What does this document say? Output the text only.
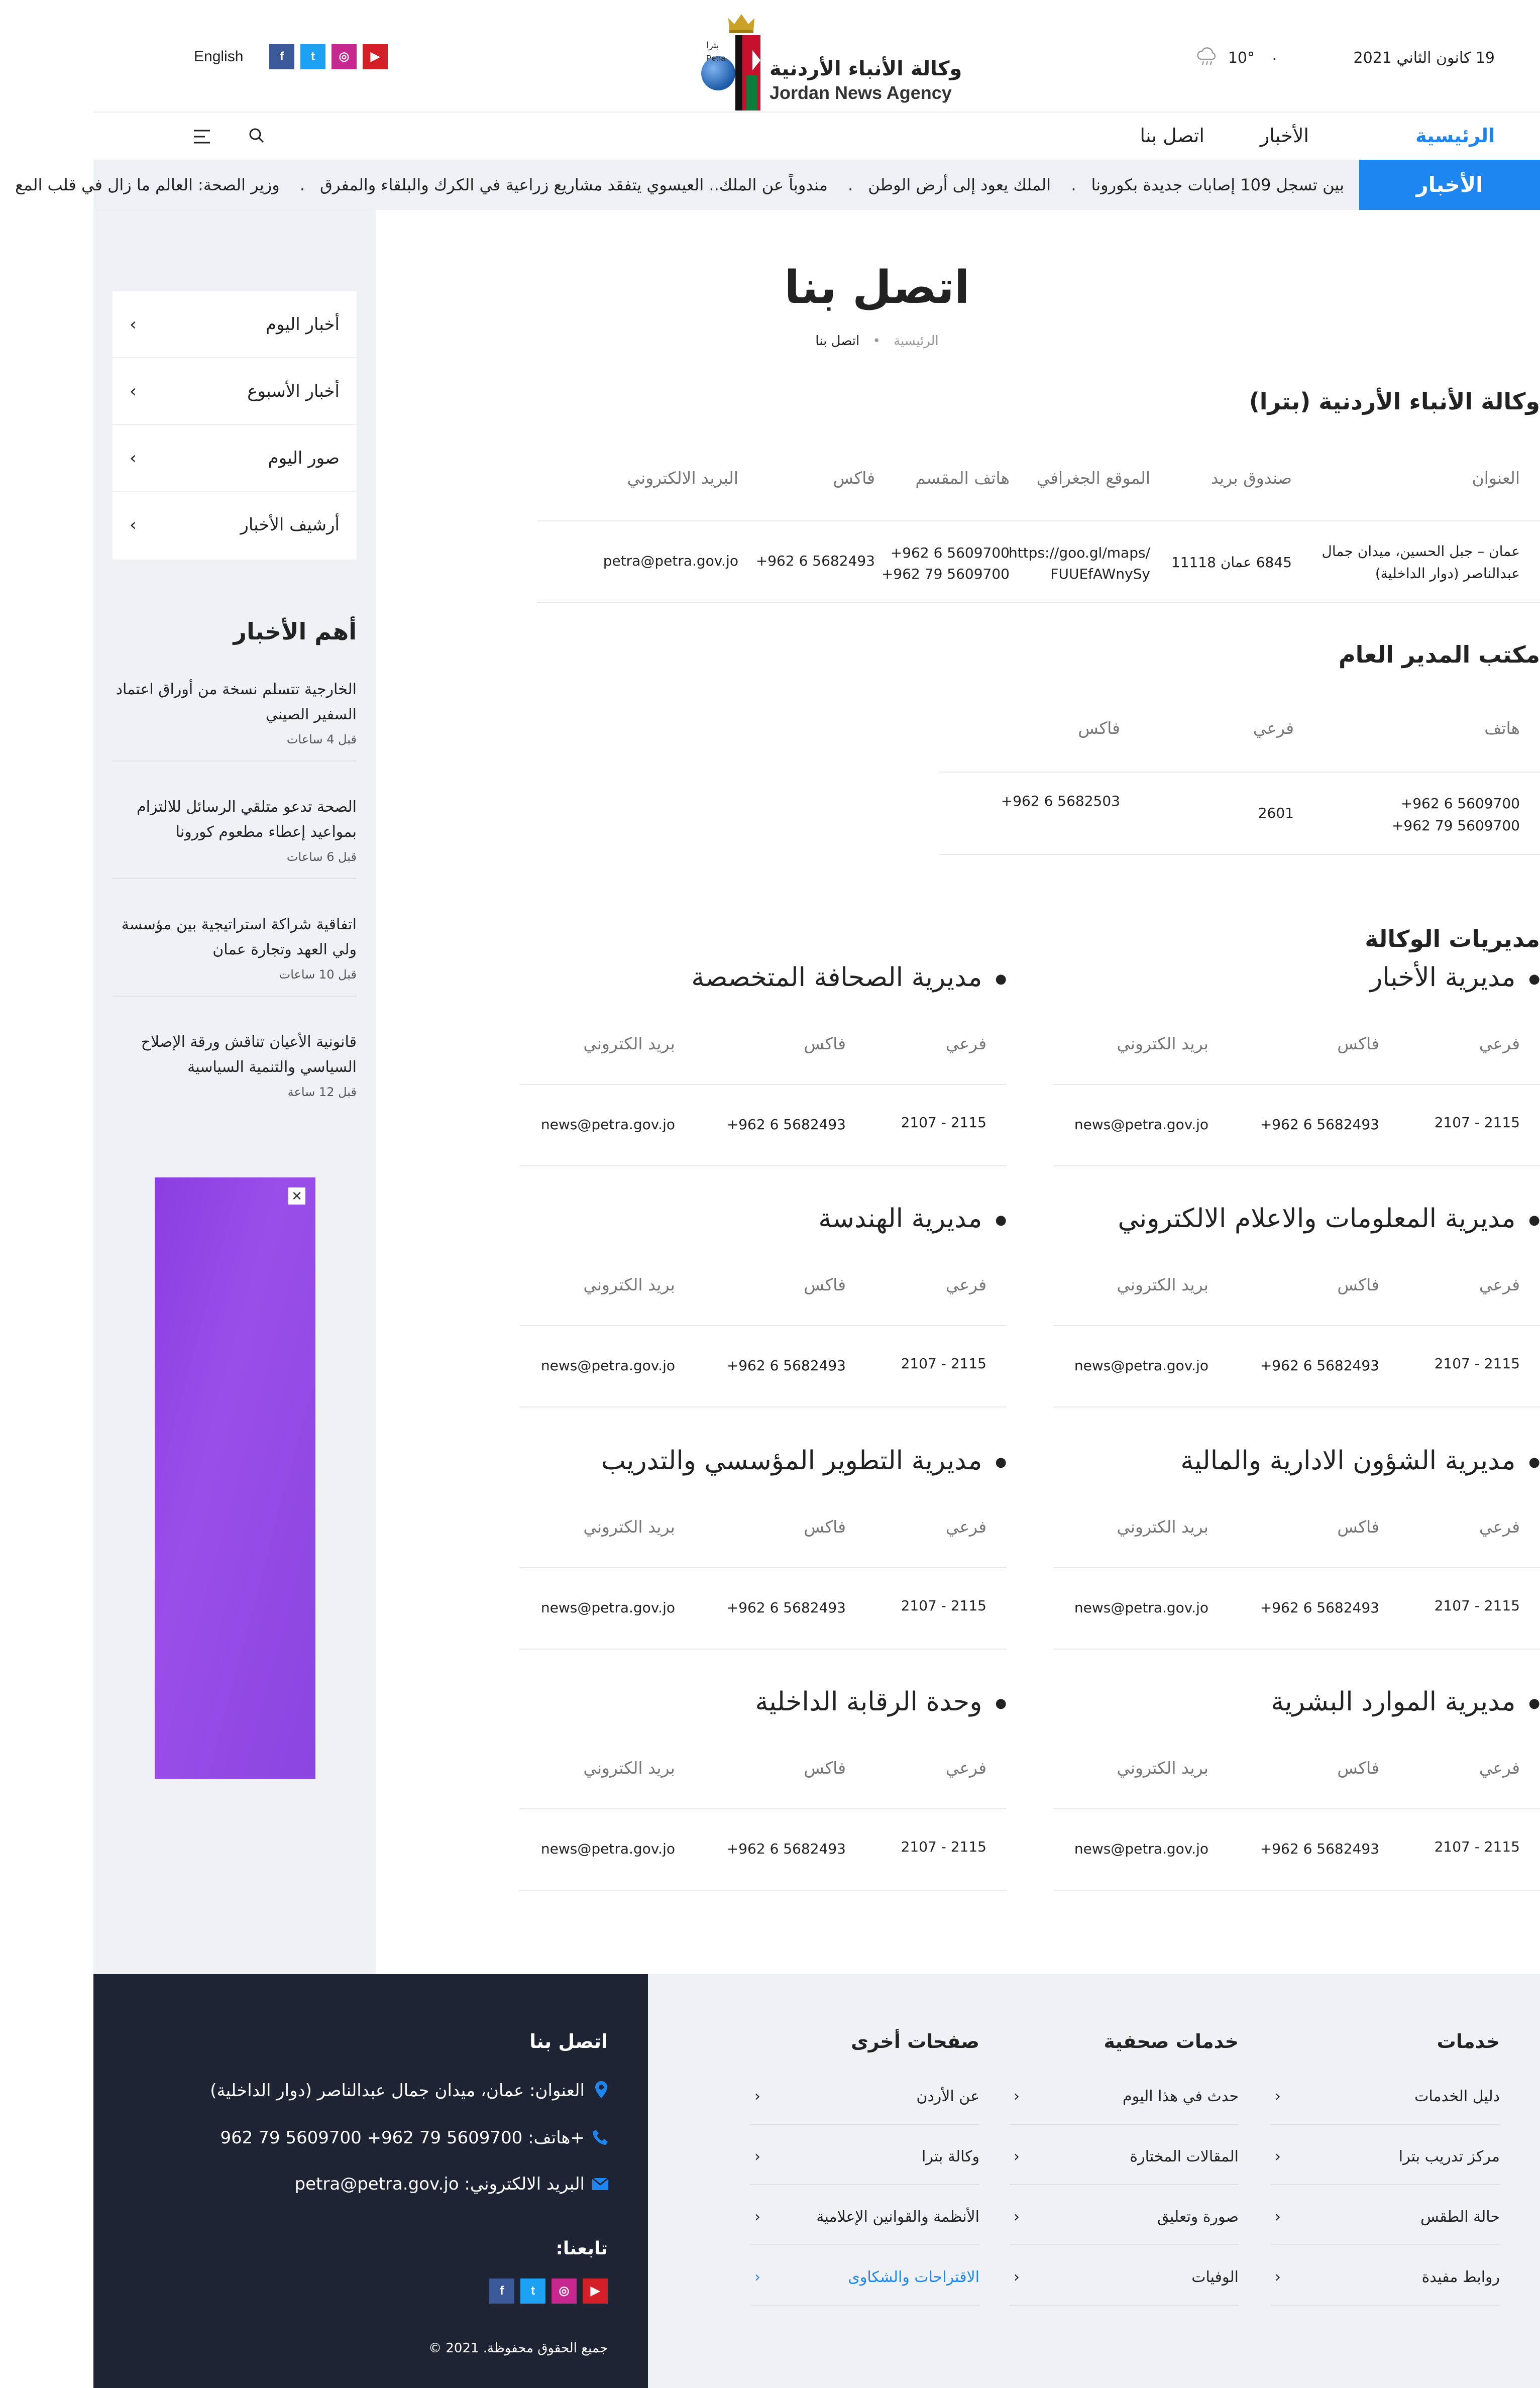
19 كانون الثاني 2021
.
10°
بترا
Petra وكالة الأنباء الأردنية
Jordan News Agency
f t ◎ ▶
English
الرئيسية
الأخبار
اتصل بنا
الأخبار
بين تسجل 109 إصابات جديدة بكورونا. الملك يعود إلى أرض الوطن. مندوباً عن الملك.. العيسوي يتفقد مشاريع زراعية في الكرك والبلقاء والمفرق. وزير الصحة: العالم ما زال في قلب المع
أخبار اليوم
›
أخبار الأسبوع
›
صور اليوم
›
أرشيف الأخبار
›
أهم الأخبار
الخارجية تتسلم نسخة من أوراق اعتماد السفير الصيني
قبل 4 ساعات
الصحة تدعو متلقي الرسائل للالتزام بمواعيد إعطاء مطعوم كورونا
قبل 6 ساعات
اتفاقية شراكة استراتيجية بين مؤسسة ولي العهد وتجارة عمان
قبل 10 ساعات
قانونية الأعيان تناقش ورقة الإصلاح السياسي والتنمية السياسية
قبل 12 ساعة
✕
اتصل بنا
الرئيسية • اتصل بنا
وكالة الأنباء الأردنية (بترا)
العنوان
صندوق بريد
الموقع الجغرافي
هاتف المقسم
فاكس
البريد الالكتروني
عمان – جبل الحسين، ميدان جمال
عبدالناصر (دوار الداخلية)
6845 عمان 11118
https://goo.gl/maps/
FUUEfAWnySy
+962 6 5609700
+962 79 5609700
+962 6 5682493
petra@petra.gov.jo
مكتب المدير العام
هاتف
فرعي
فاكس
+962 6 5609700
+962 79 5609700
2601
+962 6 5682503
مديريات الوكالة
●مديرية الأخبار
فرعي
فاكس
بريد الكتروني
2107 - 2115
+962 6 5682493
news@petra.gov.jo
●مديرية الصحافة المتخصصة
فرعي
فاكس
بريد الكتروني
2107 - 2115
+962 6 5682493
news@petra.gov.jo
●مديرية المعلومات والاعلام الالكتروني
فرعي
فاكس
بريد الكتروني
2107 - 2115
+962 6 5682493
news@petra.gov.jo
●مديرية الهندسة
فرعي
فاكس
بريد الكتروني
2107 - 2115
+962 6 5682493
news@petra.gov.jo
●مديرية الشؤون الادارية والمالية
فرعي
فاكس
بريد الكتروني
2107 - 2115
+962 6 5682493
news@petra.gov.jo
●مديرية التطوير المؤسسي والتدريب
فرعي
فاكس
بريد الكتروني
2107 - 2115
+962 6 5682493
news@petra.gov.jo
●مديرية الموارد البشرية
فرعي
فاكس
بريد الكتروني
2107 - 2115
+962 6 5682493
news@petra.gov.jo
●وحدة الرقابة الداخلية
فرعي
فاكس
بريد الكتروني
2107 - 2115
+962 6 5682493
news@petra.gov.jo
خدمات
دليل الخدمات
‹
مركز تدريب بترا
‹
حالة الطقس
‹
روابط مفيدة
‹
خدمات صحفية
حدث في هذا اليوم
‹
المقالات المختارة
‹
صورة وتعليق
‹
الوفيات
‹
صفحات أخرى
عن الأردن
‹
وكالة بترا
‹
الأنظمة والقوانين الإعلامية
‹
الاقتراحات والشكاوى
‹
اتصل بنا
العنوان: عمان، ميدان جمال عبدالناصر (دوار الداخلية)
هاتف: 5609700 79 962+ 5609700 79 962+
البريد الالكتروني: petra@petra.gov.jo
تابعنا:
f t ◎ ▶
جميع الحقوق محفوظة. 2021 ©
